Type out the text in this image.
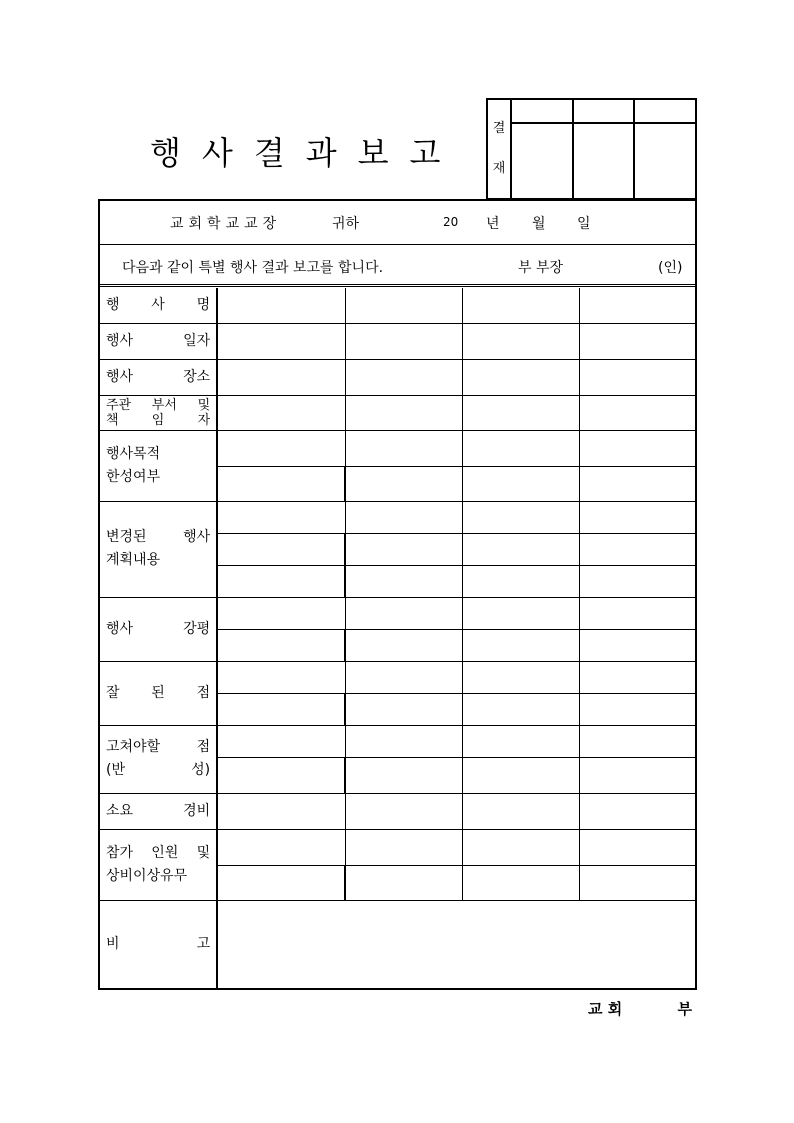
행사결과보고
결
재			

교회학교교장	귀하	20 년 월 일
다음과 같이 특별 행사 결과 보고를 합니다.	부 부장	(인)
행 사 명				
행사 일자				
행사 장소				

주관 부서 및
책 임 자				

행사목적
한성여부				

변경된 행사
계획내용				

행사 강평				

잘 된 점				

고쳐야할 점
(반 성)				

소요 경비				

참가 인원 및
상비이상유무				

비 고				
교 회	부
